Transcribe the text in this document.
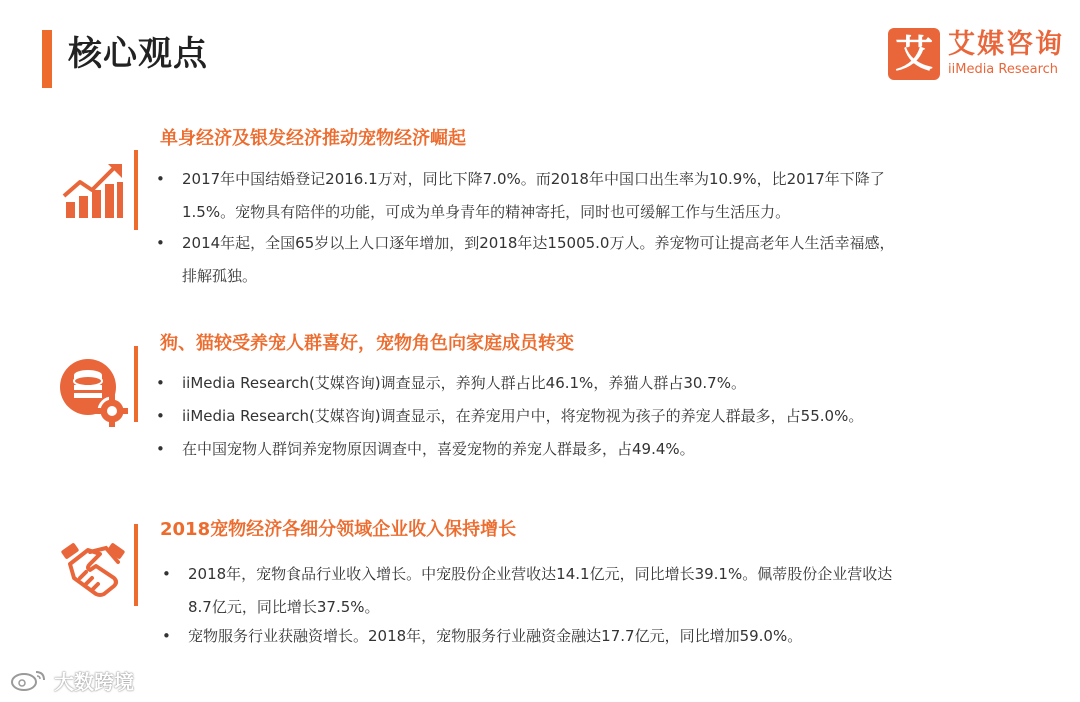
核心观点	艾 艾媒咨询
iiMedia Research
单身经济及银发经济推动宠物经济崛起
• 2017年中国结婚登记2016.1万对，同比下降7.0%。而2018年中国口出生率为10.9%，比2017年下降了
1.5%。宠物具有陪伴的功能，可成为单身青年的精神寄托，同时也可缓解工作与生活压力。
• 2014年起，全国65岁以上人口逐年增加，到2018年达15005.0万人。养宠物可让提高老年人生活幸福感，
排解孤独。
狗、猫较受养宠人群喜好，宠物角色向家庭成员转变
• iiMedia Research(艾媒咨询)调查显示，养狗人群占比46.1%，养猫人群占30.7%。
• iiMedia Research(艾媒咨询)调查显示，在养宠用户中，将宠物视为孩子的养宠人群最多，占55.0%。
• 在中国宠物人群饲养宠物原因调查中，喜爱宠物的养宠人群最多，占49.4%。
2018宠物经济各细分领域企业收入保持增长
• 2018年，宠物食品行业收入增长。中宠股份企业营收达14.1亿元，同比增长39.1%。佩蒂股份企业营收达
8.7亿元，同比增长37.5%。
• 宠物服务行业获融资增长。2018年，宠物服务行业融资金融达17.7亿元，同比增加59.0%。
大数跨境
